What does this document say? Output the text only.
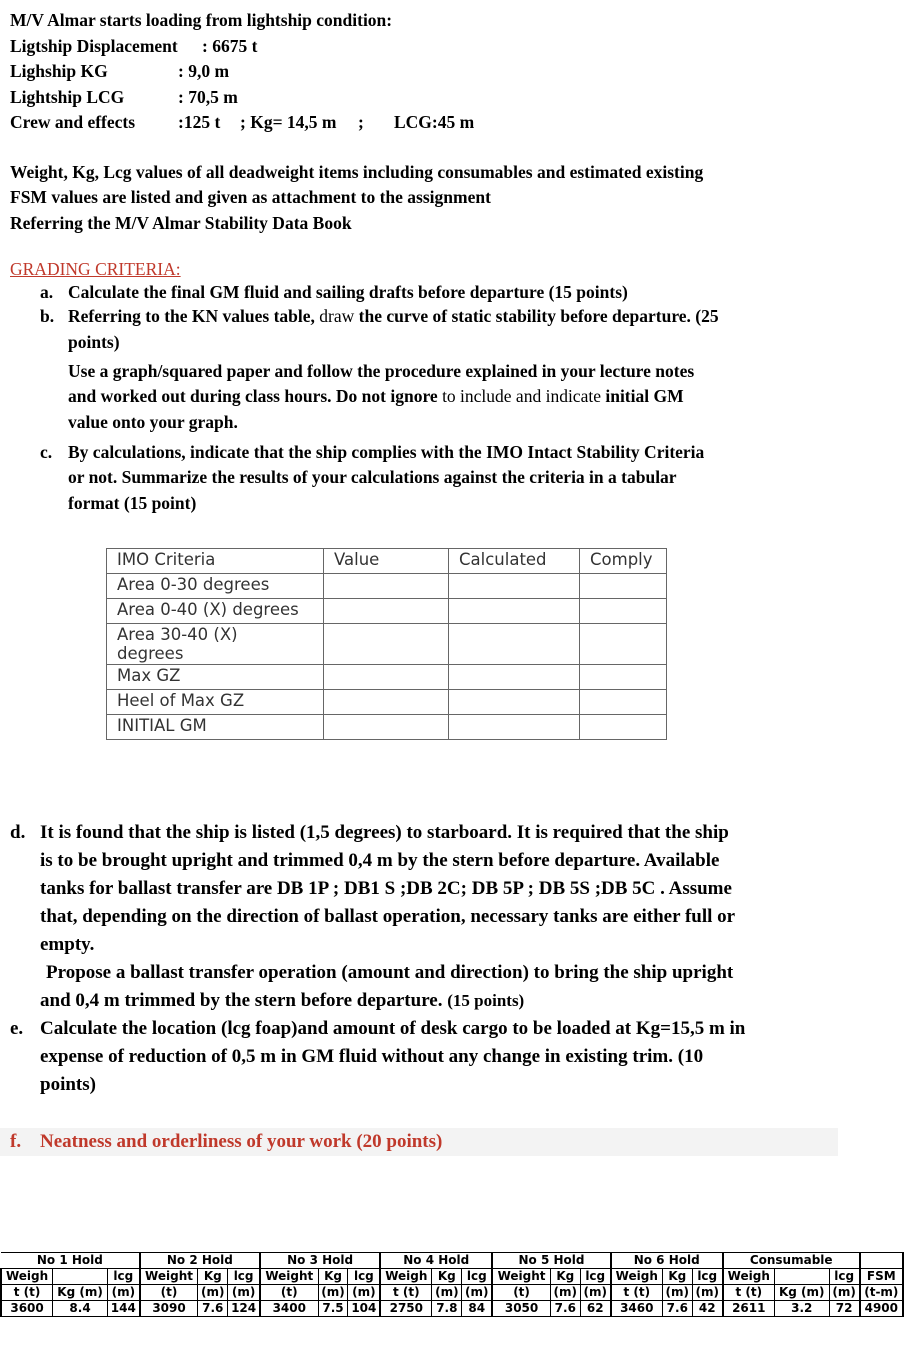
M/V Almar starts loading from lightship condition:
Ligtship Displacement : 6675 t
Lighship KG	: 9,0 m
Lightship LCG	: 70,5 m
Crew and effects :125 t ; Kg= 14,5 m ; LCG:45 m
Weight, Kg, Lcg values of all deadweight items including consumables and estimated existing
FSM values are listed and given as attachment to the assignment
Referring the M/V Almar Stability Data Book
GRADING CRITERIA:
a. Calculate the final GM fluid and sailing drafts before departure (15 points)
b. Referring to the KN values table, draw the curve of static stability before departure. (25
points)
Use a graph/squared paper and follow the procedure explained in your lecture notes
and worked out during class hours. Do not ignore to include and indicate initial GM
value onto your graph.
c. By calculations, indicate that the ship complies with the IMO Intact Stability Criteria
or not. Summarize the results of your calculations against the criteria in a tabular
format (15 point)
IMO Criteria	Value	Calculated	Comply
Area 0-30 degrees			
Area 0-40 (X) degrees			
Area 30-40 (X)
degrees			
Max GZ			
Heel of Max GZ			
INITIAL GM			
d. It is found that the ship is listed (1,5 degrees) to starboard. It is required that the ship
is to be brought upright and trimmed 0,4 m by the stern before departure. Available
tanks for ballast transfer are DB 1P ; DB1 S ;DB 2C; DB 5P ; DB 5S ;DB 5C . Assume
that, depending on the direction of ballast operation, necessary tanks are either full or
empty.
Propose a ballast transfer operation (amount and direction) to bring the ship upright
and 0,4 m trimmed by the stern before departure. (15 points)
e. Calculate the location (lcg foap)and amount of desk cargo to be loaded at Kg=15,5 m in
expense of reduction of 0,5 m in GM fluid without any change in existing trim. (10
points)
f. Neatness and orderliness of your work (20 points)
No 1 Hold			No 2 Hold			No 3 Hold			No 4 Hold			No 5 Hold			No 6 Hold			Consumable			
Weigh		lcg	Weight	Kg	lcg	Weight	Kg	lcg	Weigh	Kg	lcg	Weight	Kg	lcg	Weigh	Kg	lcg	Weigh		lcg	FSM
t (t)	Kg (m)	(m)	(t)	(m)	(m)	(t)	(m)	(m)	t (t)	(m)	(m)	(t)	(m)	(m)	t (t)	(m)	(m)	t (t)	Kg (m)	(m)	(t-m)
3600	8.4	144	3090	7.6	124	3400	7.5	104	2750	7.8	84	3050	7.6	62	3460	7.6	42	2611	3.2	72	4900
